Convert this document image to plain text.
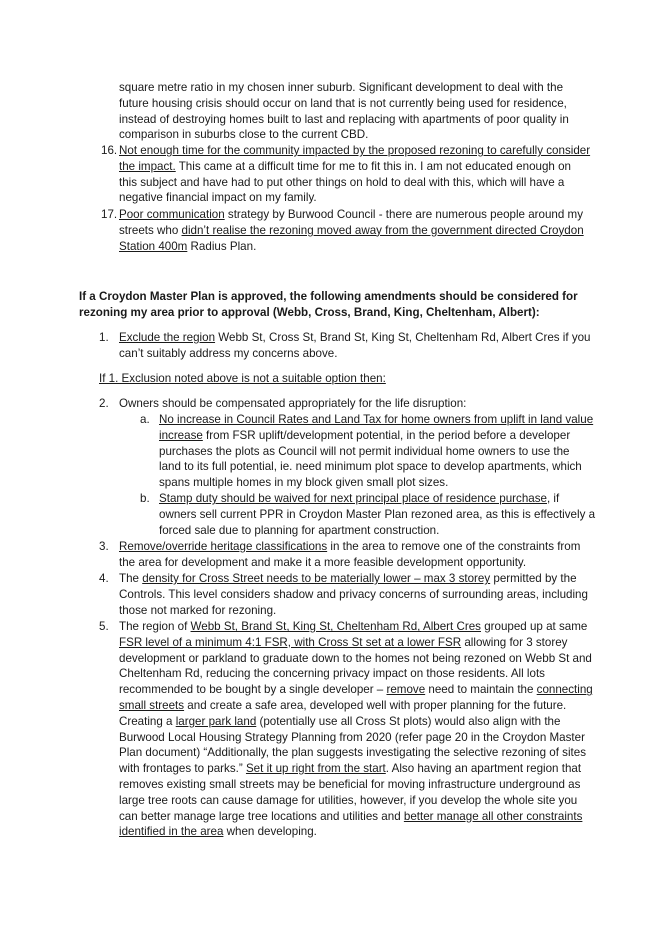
square metre ratio in my chosen inner suburb. Significant development to deal with the
future housing crisis should occur on land that is not currently being used for residence,
instead of destroying homes built to last and replacing with apartments of poor quality in
comparison in suburbs close to the current CBD.
16. Not enough time for the community impacted by the proposed rezoning to carefully consider
the impact. This came at a difficult time for me to fit this in. I am not educated enough on
this subject and have had to put other things on hold to deal with this, which will have a
negative financial impact on my family.
17. Poor communication strategy by Burwood Council - there are numerous people around my
streets who didn’t realise the rezoning moved away from the government directed Croydon
Station 400m Radius Plan.
If a Croydon Master Plan is approved, the following amendments should be considered for
rezoning my area prior to approval (Webb, Cross, Brand, King, Cheltenham, Albert):
1. Exclude the region Webb St, Cross St, Brand St, King St, Cheltenham Rd, Albert Cres if you
can’t suitably address my concerns above.
If 1. Exclusion noted above is not a suitable option then:
2. Owners should be compensated appropriately for the life disruption:
a. No increase in Council Rates and Land Tax for home owners from uplift in land value
increase from FSR uplift/development potential, in the period before a developer
purchases the plots as Council will not permit individual home owners to use the
land to its full potential, ie. need minimum plot space to develop apartments, which
spans multiple homes in my block given small plot sizes.
b. Stamp duty should be waived for next principal place of residence purchase, if
owners sell current PPR in Croydon Master Plan rezoned area, as this is effectively a
forced sale due to planning for apartment construction.
3. Remove/override heritage classifications in the area to remove one of the constraints from
the area for development and make it a more feasible development opportunity.
4. The density for Cross Street needs to be materially lower – max 3 storey permitted by the
Controls. This level considers shadow and privacy concerns of surrounding areas, including
those not marked for rezoning.
5. The region of Webb St, Brand St, King St, Cheltenham Rd, Albert Cres grouped up at same
FSR level of a minimum 4:1 FSR, with Cross St set at a lower FSR allowing for 3 storey
development or parkland to graduate down to the homes not being rezoned on Webb St and
Cheltenham Rd, reducing the concerning privacy impact on those residents. All lots
recommended to be bought by a single developer – remove need to maintain the connecting
small streets and create a safe area, developed well with proper planning for the future.
Creating a larger park land (potentially use all Cross St plots) would also align with the
Burwood Local Housing Strategy Planning from 2020 (refer page 20 in the Croydon Master
Plan document) “Additionally, the plan suggests investigating the selective rezoning of sites
with frontages to parks.” Set it up right from the start. Also having an apartment region that
removes existing small streets may be beneficial for moving infrastructure underground as
large tree roots can cause damage for utilities, however, if you develop the whole site you
can better manage large tree locations and utilities and better manage all other constraints
identified in the area when developing.
